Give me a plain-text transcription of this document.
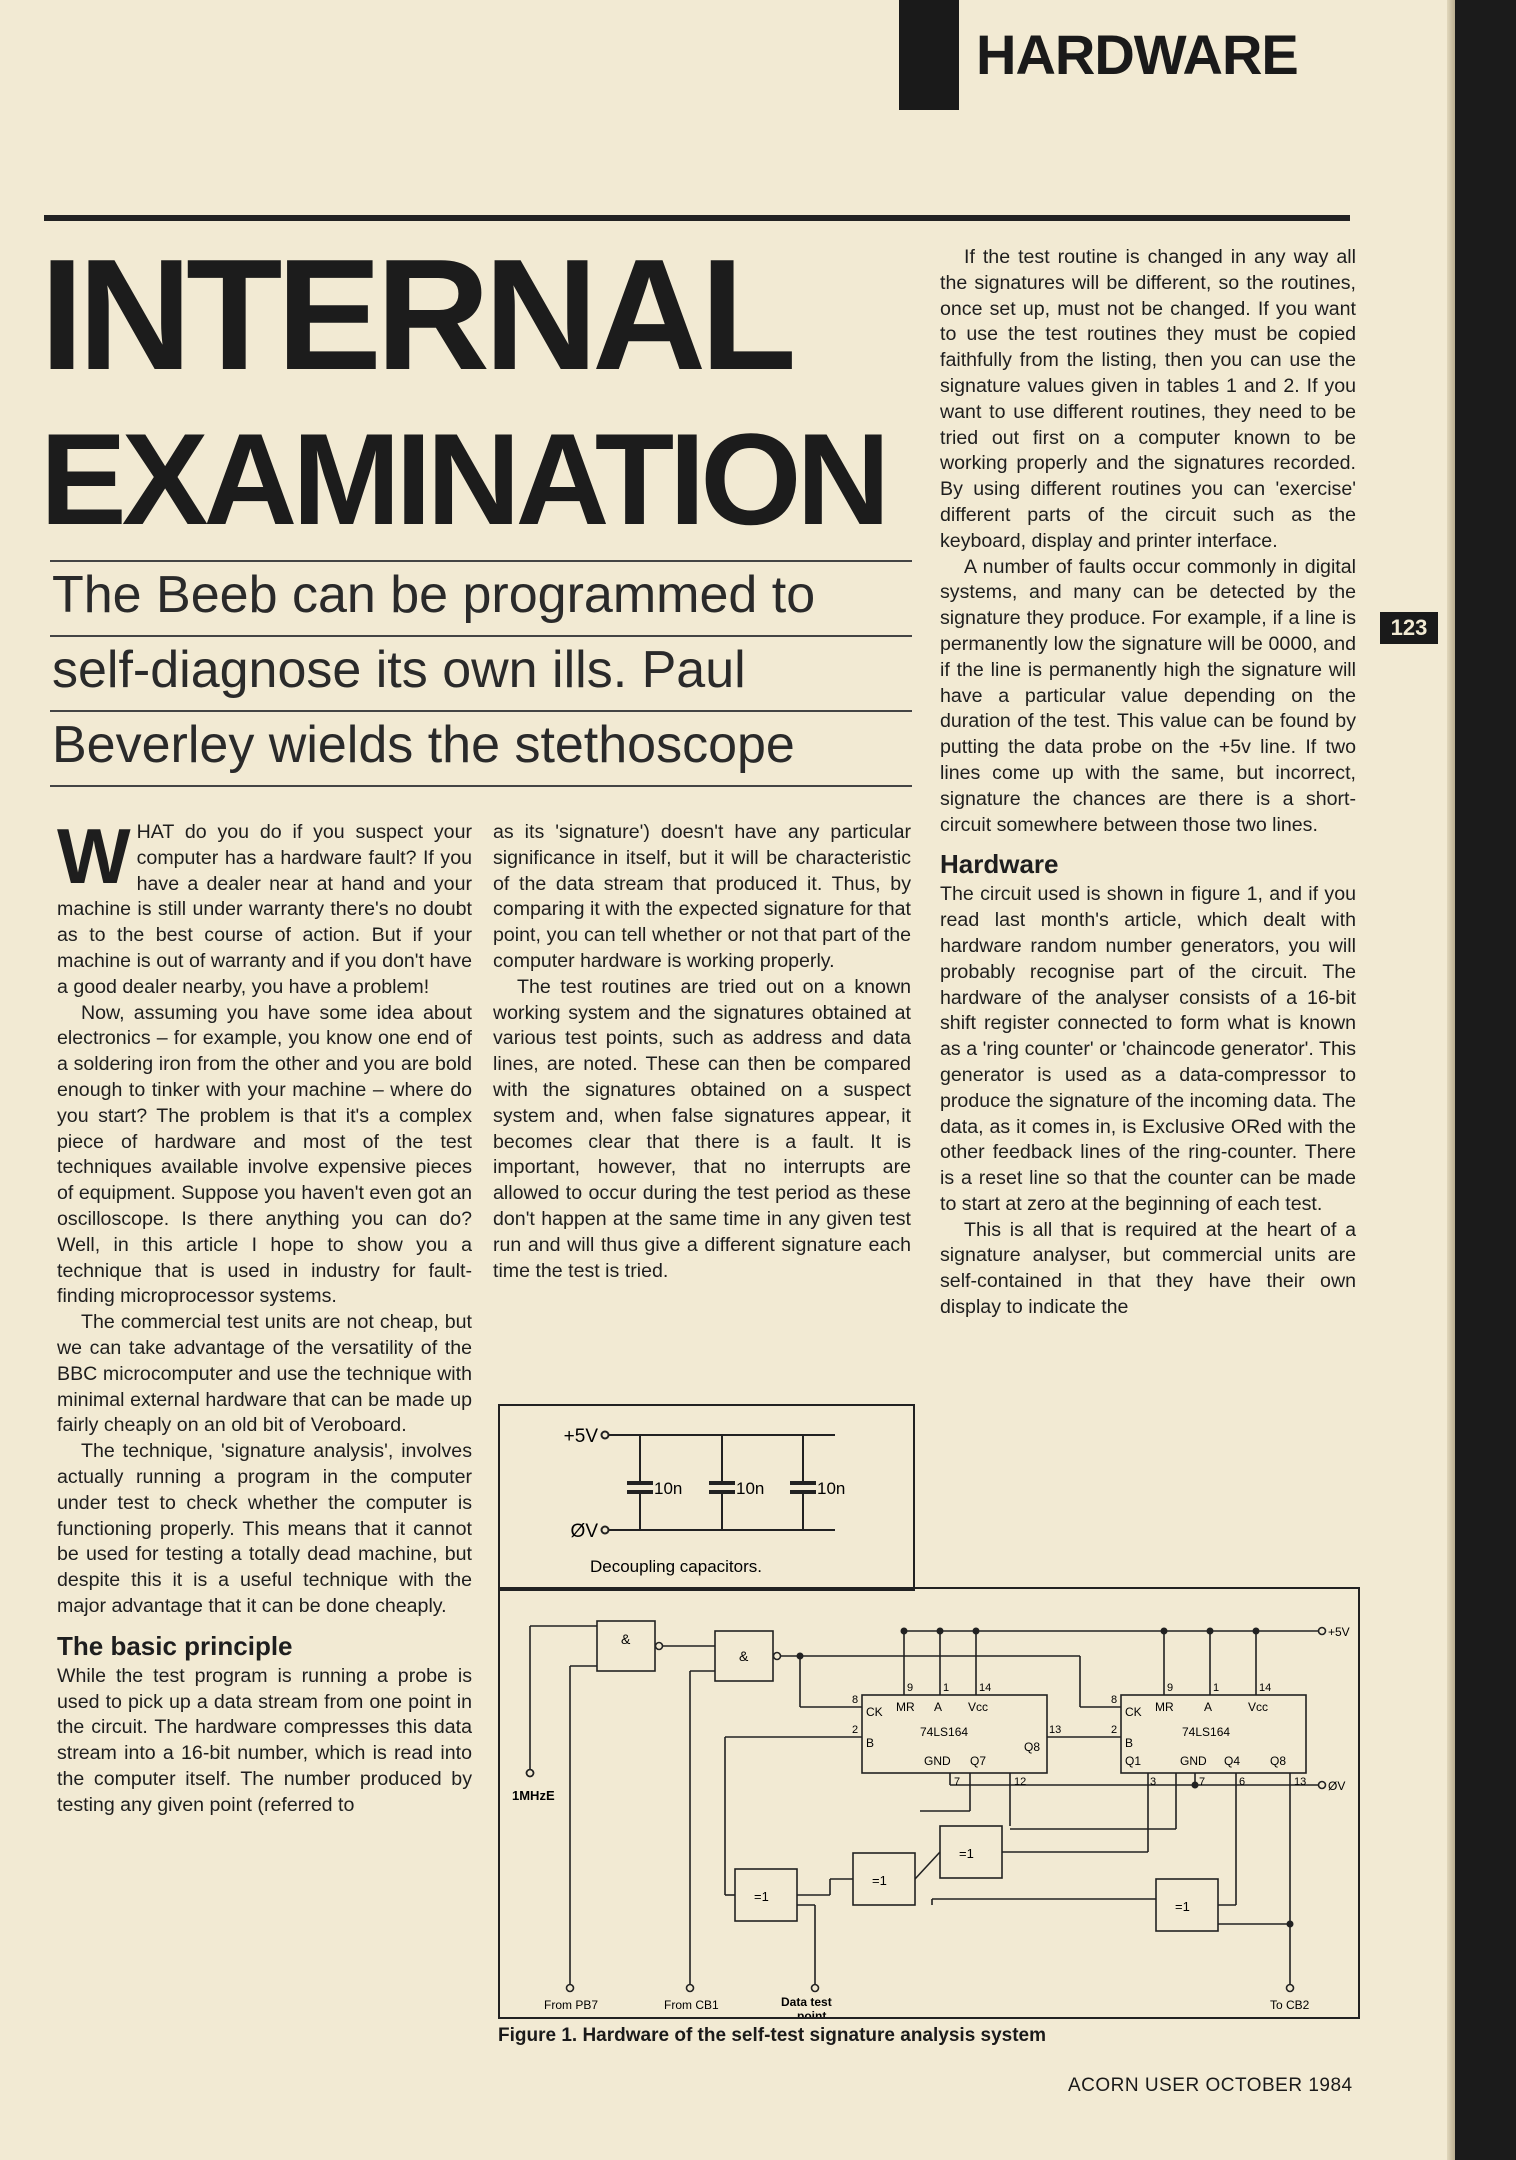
HARDWARE
INTERNAL
EXAMINATION
The Beeb can be programmed to
self-diagnose its own ills. Paul
Beverley wields the stethoscope
123

WHAT do you do if you suspect your computer has a hardware fault? If you have a dealer near at hand and your machine is still under warranty there's no doubt as to the best course of action. But if your machine is out of warranty and if you don't have a good dealer nearby, you have a problem!

Now, assuming you have some idea about electronics – for example, you know one end of a soldering iron from the other and you are bold enough to tinker with your machine – where do you start? The problem is that it's a complex piece of hardware and most of the test techniques available involve expensive pieces of equipment. Suppose you haven't even got an oscilloscope. Is there anything you can do? Well, in this article I hope to show you a technique that is used in industry for fault-finding microprocessor systems.

The commercial test units are not cheap, but we can take advantage of the versatility of the BBC microcomputer and use the technique with minimal external hardware that can be made up fairly cheaply on an old bit of Veroboard.

The technique, 'signature analysis', involves actually running a program in the computer under test to check whether the computer is functioning properly. This means that it cannot be used for testing a totally dead machine, but despite this it is a useful technique with the major advantage that it can be done cheaply.

The basic principle

While the test program is running a probe is used to pick up a data stream from one point in the circuit. The hardware compresses this data stream into a 16-bit number, which is read into the computer itself. The number produced by testing any given point (referred to

as its 'signature') doesn't have any particular significance in itself, but it will be characteristic of the data stream that produced it. Thus, by comparing it with the expected signature for that point, you can tell whether or not that part of the computer hardware is working properly.

The test routines are tried out on a known working system and the signatures obtained at various test points, such as address and data lines, are noted. These can then be compared with the signatures obtained on a suspect system and, when false signatures appear, it becomes clear that there is a fault. It is important, however, that no interrupts are allowed to occur during the test period as these don't happen at the same time in any given test run and will thus give a different signature each time the test is tried.

If the test routine is changed in any way all the signatures will be different, so the routines, once set up, must not be changed. If you want to use the test routines they must be copied faithfully from the listing, then you can use the signature values given in tables 1 and 2. If you want to use different routines, they need to be tried out first on a computer known to be working properly and the signatures recorded. By using different routines you can 'exercise' different parts of the circuit such as the keyboard, display and printer interface.

A number of faults occur commonly in digital systems, and many can be detected by the signature they produce. For example, if a line is permanently low the signature will be 0000, and if the line is permanently high the signature will have a particular value depending on the duration of the test. This value can be found by putting the data probe on the +5v line. If two lines come up with the same, but incorrect, signature the chances are there is a short-circuit somewhere between those two lines.

Hardware

The circuit used is shown in figure 1, and if you read last month's article, which dealt with hardware random number generators, you will probably recognise part of the circuit. The hardware of the analyser consists of a 16-bit shift register connected to form what is known as a 'ring counter' or 'chaincode generator'. This generator is used as a data-compressor to produce the signature of the incoming data. The data, as it comes in, is Exclusive ORed with the other feedback lines of the ring-counter. There is a reset line so that the counter can be made to start at zero at the beginning of each test.

This is all that is required at the heart of a signature analyser, but commercial units are self-contained in that they have their own display to indicate the

+5V
ØV
10n	10n	10n
Decoupling capacitors.
&
&
=1
=1
=1
=1
CK
B
MR A Vcc
74LS164
GND Q7
Q8
CK
B
MR	A	Vcc
74LS164
Q1	GND Q4 Q8
9	1	14
8
2	13
7	12
9	1	14
8
2
3	7	6	13
+5V
ØV
1MHzE
From PB7	From CB1	Data test
point
To CB2
Figure 1. Hardware of the self-test signature analysis system
ACORN USER OCTOBER 1984
